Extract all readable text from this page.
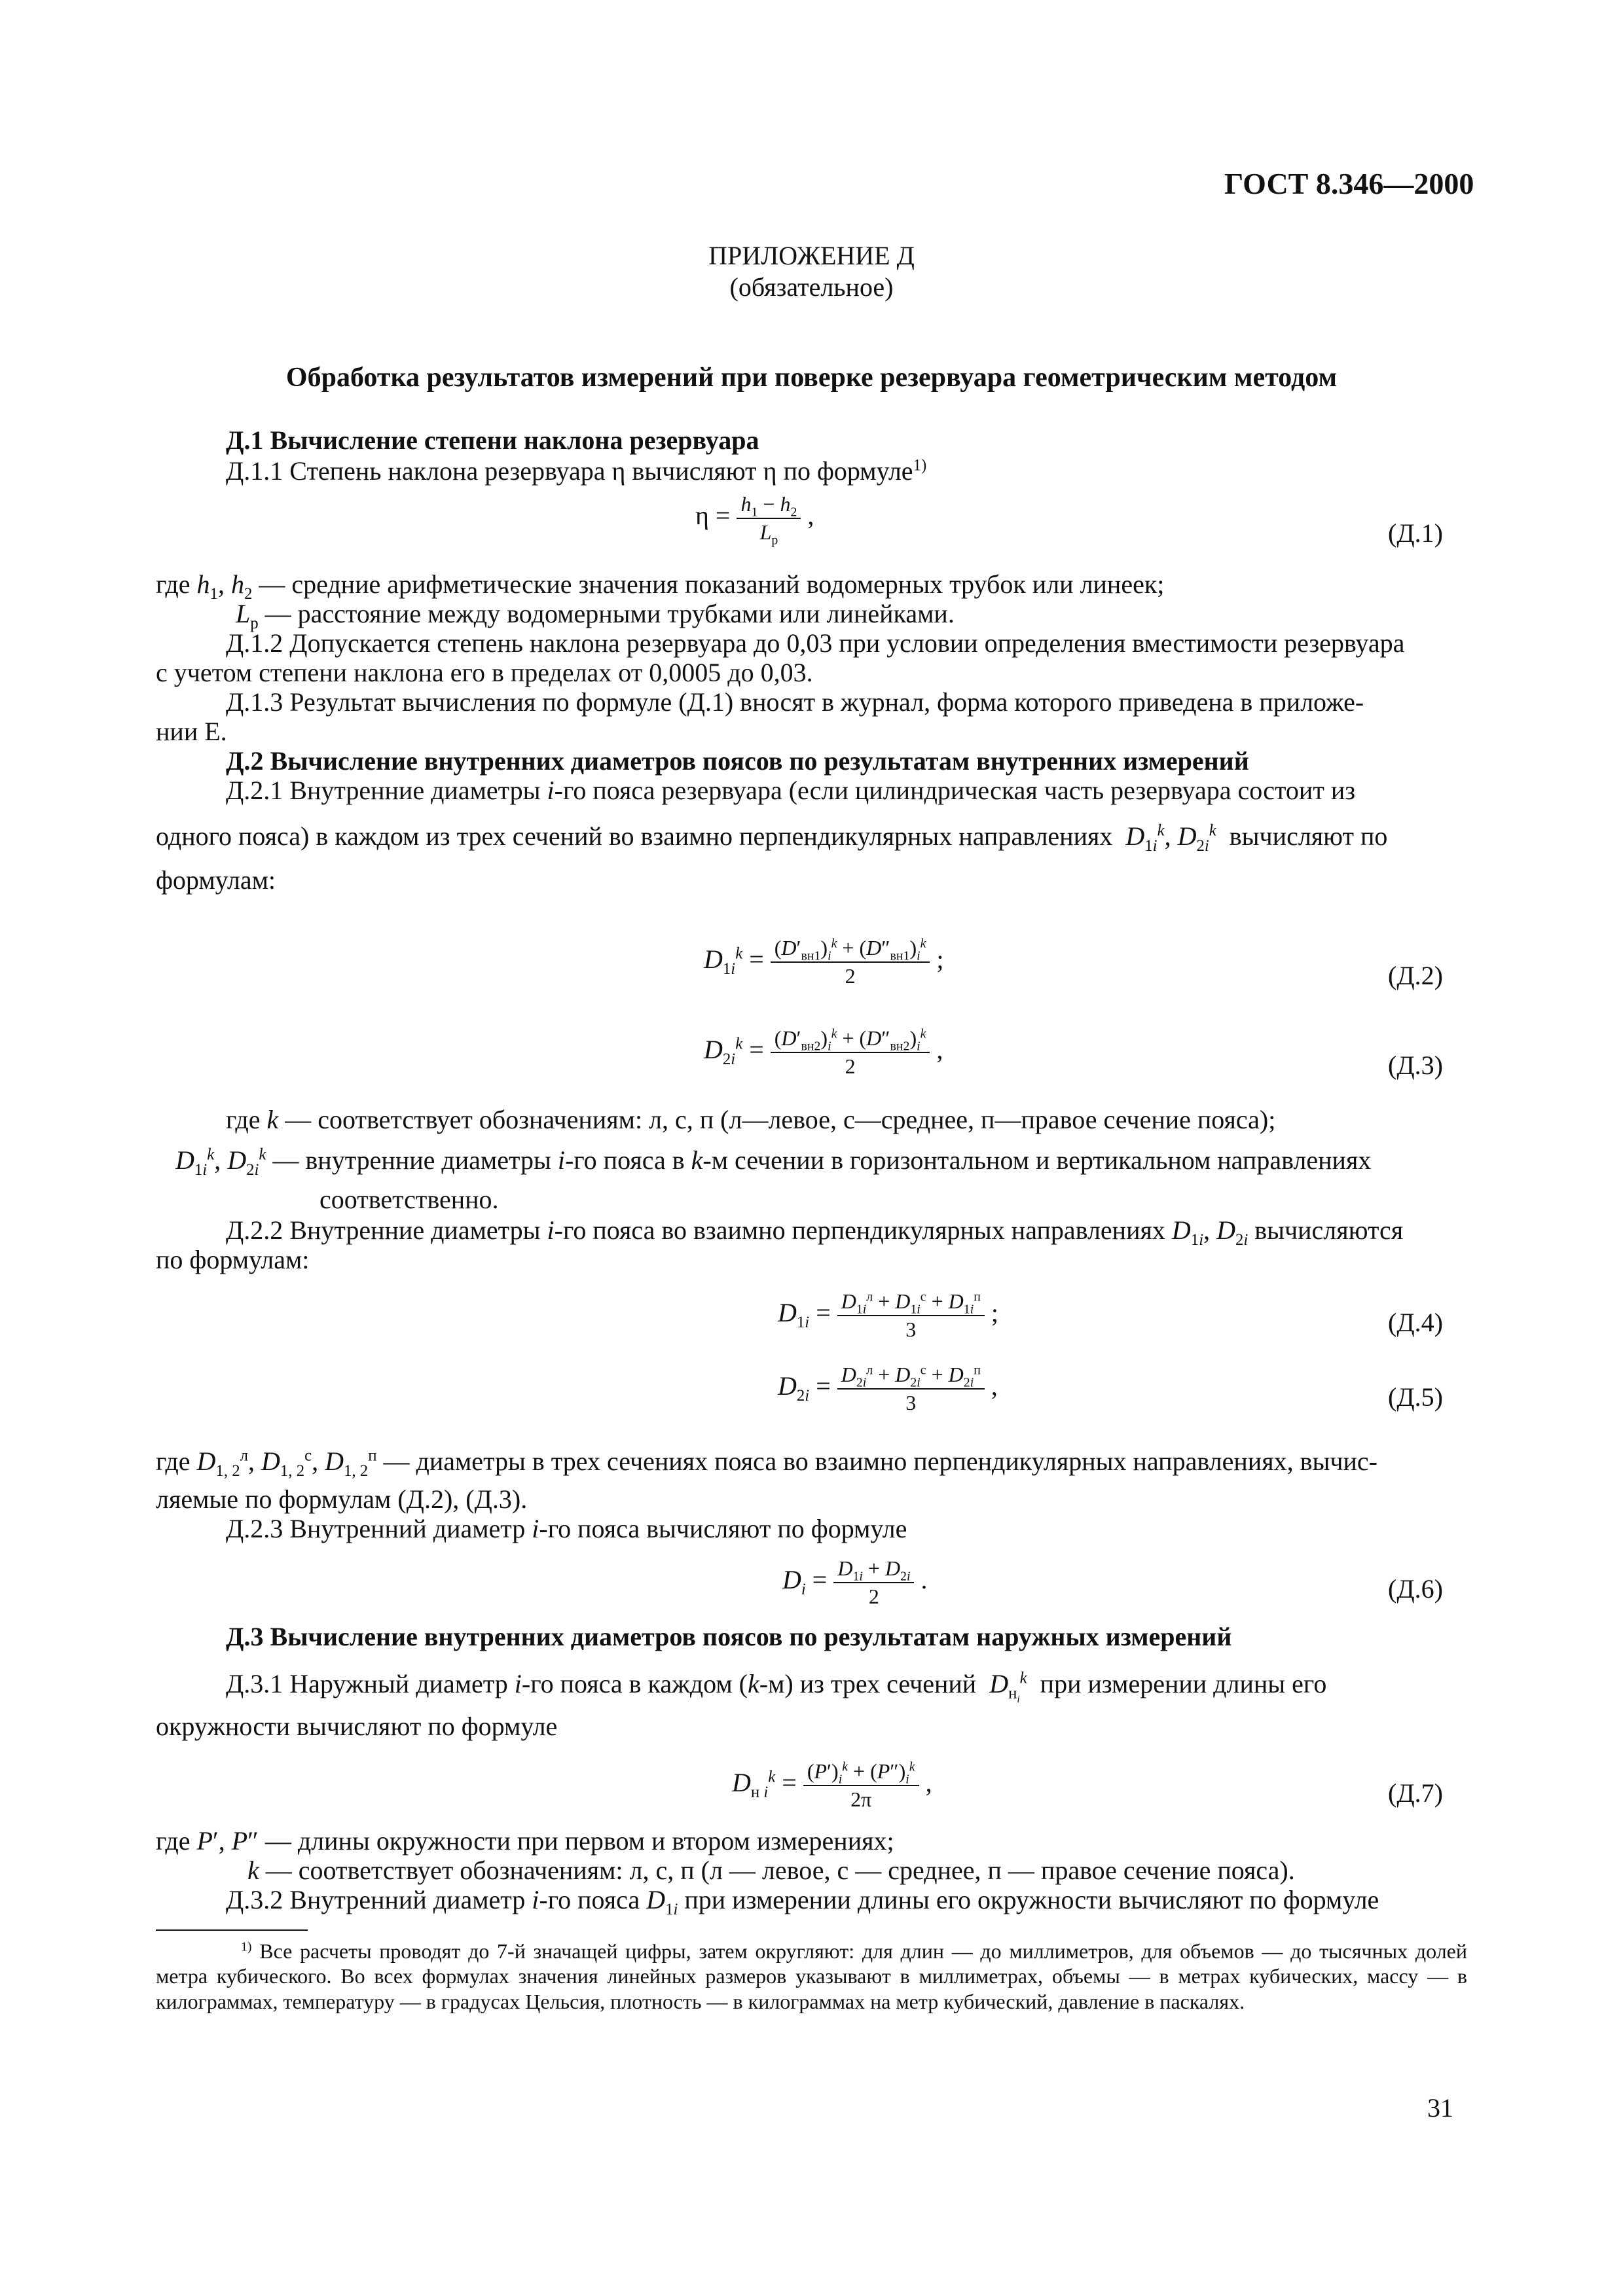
ГОСТ 8.346—2000
ПРИЛОЖЕНИЕ Д
(обязательное)
Обработка результатов измерений при поверке резервуара геометрическим методом
Д.1 Вычисление степени наклона резервуара
Д.1.1 Степень наклона резервуара η вычисляют η по формуле$^{1)}$
$\eta = \frac{h_1 - h_2}{L_р}$ ,
(Д.1)
где $h_1$, $h_2$ — средние арифметические значения показаний водомерных трубок или линеек;
$L_р$ — расстояние между водомерными трубками или линейками.
Д.1.2 Допускается степень наклона резервуара до 0,03 при условии определения вместимости резервуара
с учетом степени наклона его в пределах от 0,0005 до 0,03.
Д.1.3 Результат вычисления по формуле (Д.1) вносят в журнал, форма которого приведена в приложе-
нии Е.
Д.2 Вычисление внутренних диаметров поясов по результатам внутренних измерений
Д.2.1 Внутренние диаметры i-го пояса резервуара (если цилиндрическая часть резервуара состоит из
одного пояса) в каждом из трех сечений во взаимно перпендикулярных направлениях $D_{1i}^k$, $D_{2i}^k$ вычисляют по
формулам:
$D_{1i}^k = \frac{(D'_{вн1})_i^k + (D''_{вн1})_i^k}{2}$ ;
(Д.2)
$D_{2i}^k = \frac{(D'_{вн2})_i^k + (D''_{вн2})_i^k}{2}$ ,
(Д.3)
где k — соответствует обозначениям: л, с, п (л—левое, с—среднее, п—правое сечение пояса);
$D_{1i}^k$, $D_{2i}^k$ — внутренние диаметры i-го пояса в k-м сечении в горизонтальном и вертикальном направлениях
соответственно.
Д.2.2 Внутренние диаметры i-го пояса во взаимно перпендикулярных направлениях $D_{1i}$, $D_{2i}$ вычисляются
по формулам:
$D_{1i} = \frac{D_{1i}^л + D_{1i}^с + D_{1i}^п}{3}$ ;	(Д.4)
$D_{2i} = \frac{D_{2i}^л + D_{2i}^с + D_{2i}^п}{3}$ ,	(Д.5)
где $D_{1, 2}^л$, $D_{1, 2}^с$, $D_{1, 2}^п$ — диаметры в трех сечениях пояса во взаимно перпендикулярных направлениях, вычис-
ляемые по формулам (Д.2), (Д.3).
Д.2.3 Внутренний диаметр i-го пояса вычисляют по формуле
$D_i = \frac{D_{1i} + D_{2i}}{2}$ .	(Д.6)
Д.3 Вычисление внутренних диаметров поясов по результатам наружных измерений
Д.3.1 Наружный диаметр i-го пояса в каждом (k-м) из трех сечений $D_{н_i}^k$ при измерении длины его
окружности вычисляют по формуле
$D_{н i}^k = \frac{(P')_i^k + (P'')_i^k}{2\pi}$ ,	(Д.7)
где P′, P″ — длины окружности при первом и втором измерениях;
k — соответствует обозначениям: л, с, п (л — левое, с — среднее, п — правое сечение пояса).
Д.3.2 Внутренний диаметр i-го пояса $D_{1i}$ при измерении длины его окружности вычисляют по формуле
$^{1)}$ Все расчеты проводят до 7-й значащей цифры, затем округляют: для длин — до миллиметров, для объемов — до тысячных долей метра кубического. Во всех формулах значения линейных размеров указывают в миллиметрах, объемы — в метрах кубических, массу — в килограммах, температуру — в градусах Цельсия, плотность — в килограммах на метр кубический, давление в паскалях.
31
